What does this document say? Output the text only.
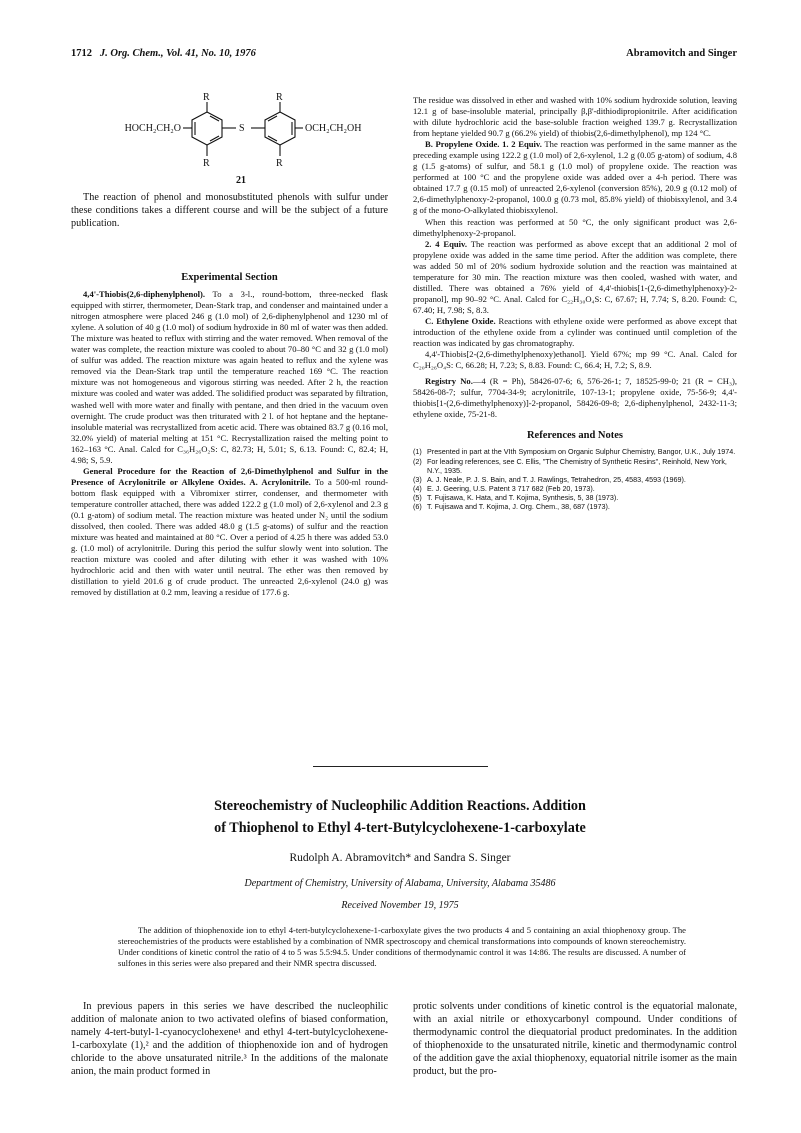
1712 J. Org. Chem., Vol. 41, No. 10, 1976	Abramovitch and Singer
R	R
R	R
S
HOCH₂CH₂O	OCH₂CH₂OH
21

The reaction of phenol and monosubstituted phenols with sulfur under these conditions takes a different course and will be the subject of a future publication.

Experimental Section

4,4'-Thiobis(2,6-diphenylphenol). To a 3-l., round-bottom, three-necked flask equipped with stirrer, thermometer, Dean-Stark trap, and condenser and maintained under a nitrogen atmosphere were placed 246 g (1.0 mol) of 2,6-diphenylphenol and 1230 ml of xylene. A solution of 40 g (1.0 mol) of sodium hydroxide in 80 ml of water was then added. The mixture was heated to reflux with stirring and the water removed. When removal of the water was complete, the reaction mixture was cooled to about 70–80 °C and 32 g (1.0 mol) of sulfur was added. The reaction mixture was again heated to reflux and the xylene was removed via the Dean-Stark trap until the temperature reached 169 °C. The reaction mixture was not homogeneous and vigorous stirring was needed. After 2 h, the reaction mixture was cooled and water was added. The solidified product was separated by filtration, washed well with more water and finally with pentane, and then dried in the vacuum oven overnight. The crude product was then triturated with 2 l. of hot heptane and the heptane-insoluble material was recrystallized from acetic acid. There was obtained 83.7 g (0.16 mol, 32.0% yield) of material melting at 151 °C. Recrystallization raised the melting point to 162–163 °C. Anal. Calcd for C₃₆H₂₆O₂S: C, 82.73; H, 5.01; S, 6.13. Found: C, 82.4; H, 4.98; S, 5.9.

General Procedure for the Reaction of 2,6-Dimethylphenol and Sulfur in the Presence of Acrylonitrile or Alkylene Oxides. A. Acrylonitrile. To a 500-ml round-bottom flask equipped with a Vibromixer stirrer, condenser, and thermometer with temperature controller attached, there was added 122.2 g (1.0 mol) of 2,6-xylenol and 2.3 g (0.1 g-atom) of sodium metal. The reaction mixture was heated under N₂ until the sodium dissolved, then cooled. There was added 48.0 g (1.5 g-atoms) of sulfur and the reaction mixture was heated and maintained at 80 °C. Over a period of 4.25 h there was added 53.0 g. (1.0 mol) of acrylonitrile. During this period the sulfur slowly went into solution. The reaction mixture was cooled and after diluting with ether it was washed with 10% hydrochloric acid and then with water until neutral. The ether was then removed by distillation to yield 201.6 g of crude product. The unreacted 2,6-xylenol (24.0 g) was removed by distillation at 0.2 mm, leaving a residue of 177.6 g.

The residue was dissolved in ether and washed with 10% sodium hydroxide solution, leaving 12.1 g of base-insoluble material, principally β,β'-dithiodipropionitrile. After acidification with dilute hydrochloric acid the base-soluble fraction weighed 139.7 g. Recrystallization from heptane yielded 90.7 g (66.2% yield) of thiobis(2,6-dimethylphenol), mp 124 °C.

B. Propylene Oxide. 1. 2 Equiv. The reaction was performed in the same manner as the preceding example using 122.2 g (1.0 mol) of 2,6-xylenol, 1.2 g (0.05 g-atom) of sodium, 4.8 g (1.5 g-atoms) of sulfur, and 58.1 g (1.0 mol) of propylene oxide. The reaction was performed at 100 °C and the propylene oxide was added over a 4-h period. There was obtained 17.7 g (0.15 mol) of unreacted 2,6-xylenol (conversion 85%), 20.9 g (0.12 mol) of 2,6-dimethylphenoxy-2-propanol, 100.0 g (0.73 mol, 85.8% yield) of thiobisxylenol, and 3.4 g of the mono-O-alkylated thiobisxylenol.

When this reaction was performed at 50 °C, the only significant product was 2,6-dimethylphenoxy-2-propanol.

2. 4 Equiv. The reaction was performed as above except that an additional 2 mol of propylene oxide was added in the same time period. After the addition was complete, there was added 50 ml of 20% sodium hydroxide solution and the reaction was maintained at temperature for 30 min. The reaction mixture was then cooled, washed with water, and distilled. There was obtained a 76% yield of 4,4'-thiobis[1-(2,6-dimethylphenoxy)-2-propanol], mp 90–92 °C. Anal. Calcd for C₂₂H₃₀O₄S: C, 67.67; H, 7.74; S, 8.20. Found: C, 67.40; H, 7.98; S, 8.3.

C. Ethylene Oxide. Reactions with ethylene oxide were performed as above except that introduction of the ethylene oxide from a cylinder was continued until completion of the reaction was indicated by gas chromatography.

4,4'-Thiobis[2-(2,6-dimethylphenoxy)ethanol]. Yield 67%; mp 99 °C. Anal. Calcd for C₂₀H₂₆O₄S: C, 66.28; H, 7.23; S, 8.83. Found: C, 66.4; H, 7.2; S, 8.9.

Registry No.—4 (R = Ph), 58426-07-6; 6, 576-26-1; 7, 18525-99-0; 21 (R = CH₃), 58426-08-7; sulfur, 7704-34-9; acrylonitrile, 107-13-1; propylene oxide, 75-56-9; 4,4'-thiobis[1-(2,6-dimethylphenoxy)]-2-propanol, 58426-09-8; 2,6-diphenylphenol, 2432-11-3; ethylene oxide, 75-21-8.

References and Notes
(1) Presented in part at the VIth Symposium on Organic Sulphur Chemistry, Bangor, U.K., July 1974.
(2) For leading references, see C. Ellis, "The Chemistry of Synthetic Resins", Reinhold, New York, N.Y., 1935.
(3) A. J. Neale, P. J. S. Bain, and T. J. Rawlings, Tetrahedron, 25, 4583, 4593 (1969).
(4) E. J. Geering, U.S. Patent 3 717 682 (Feb 20, 1973).
(5) T. Fujisawa, K. Hata, and T. Kojima, Synthesis, 5, 38 (1973).
(6) T. Fujisawa and T. Kojima, J. Org. Chem., 38, 687 (1973).
Stereochemistry of Nucleophilic Addition Reactions. Addition
of Thiophenol to Ethyl 4-tert-Butylcyclohexene-1-carboxylate
Rudolph A. Abramovitch* and Sandra S. Singer
Department of Chemistry, University of Alabama, University, Alabama 35486
Received November 19, 1975

The addition of thiophenoxide ion to ethyl 4-tert-butylcyclohexene-1-carboxylate gives the two products 4 and 5 containing an axial thiophenoxy group. The stereochemistries of the products were established by a combination of NMR spectroscopy and chemical transformations into compounds of known stereochemistry. Under conditions of kinetic control the ratio of 4 to 5 was 5.5:94.5. Under conditions of thermodynamic control it was 14:86. The results are discussed. A number of sulfones in this series were also prepared and their NMR spectra discussed.

In previous papers in this series we have described the nucleophilic addition of malonate anion to two activated olefins of biased conformation, namely 4-tert-butyl-1-cyanocyclohexene¹ and ethyl 4-tert-butylcyclohexene-1-carboxylate (1),² and the addition of thiophenoxide ion and of hydrogen chloride to the above unsaturated nitrile.³ In the additions of the malonate anion, the main product formed in

protic solvents under conditions of kinetic control is the equatorial malonate, with an axial nitrile or ethoxycarbonyl compound. Under conditions of thermodynamic control the diequatorial product predominates. In the addition of thiophenoxide to the unsaturated nitrile, kinetic and thermodynamic control of the addition gave the axial thiophenoxy, equatorial nitrile isomer as the main product, but the pro-
